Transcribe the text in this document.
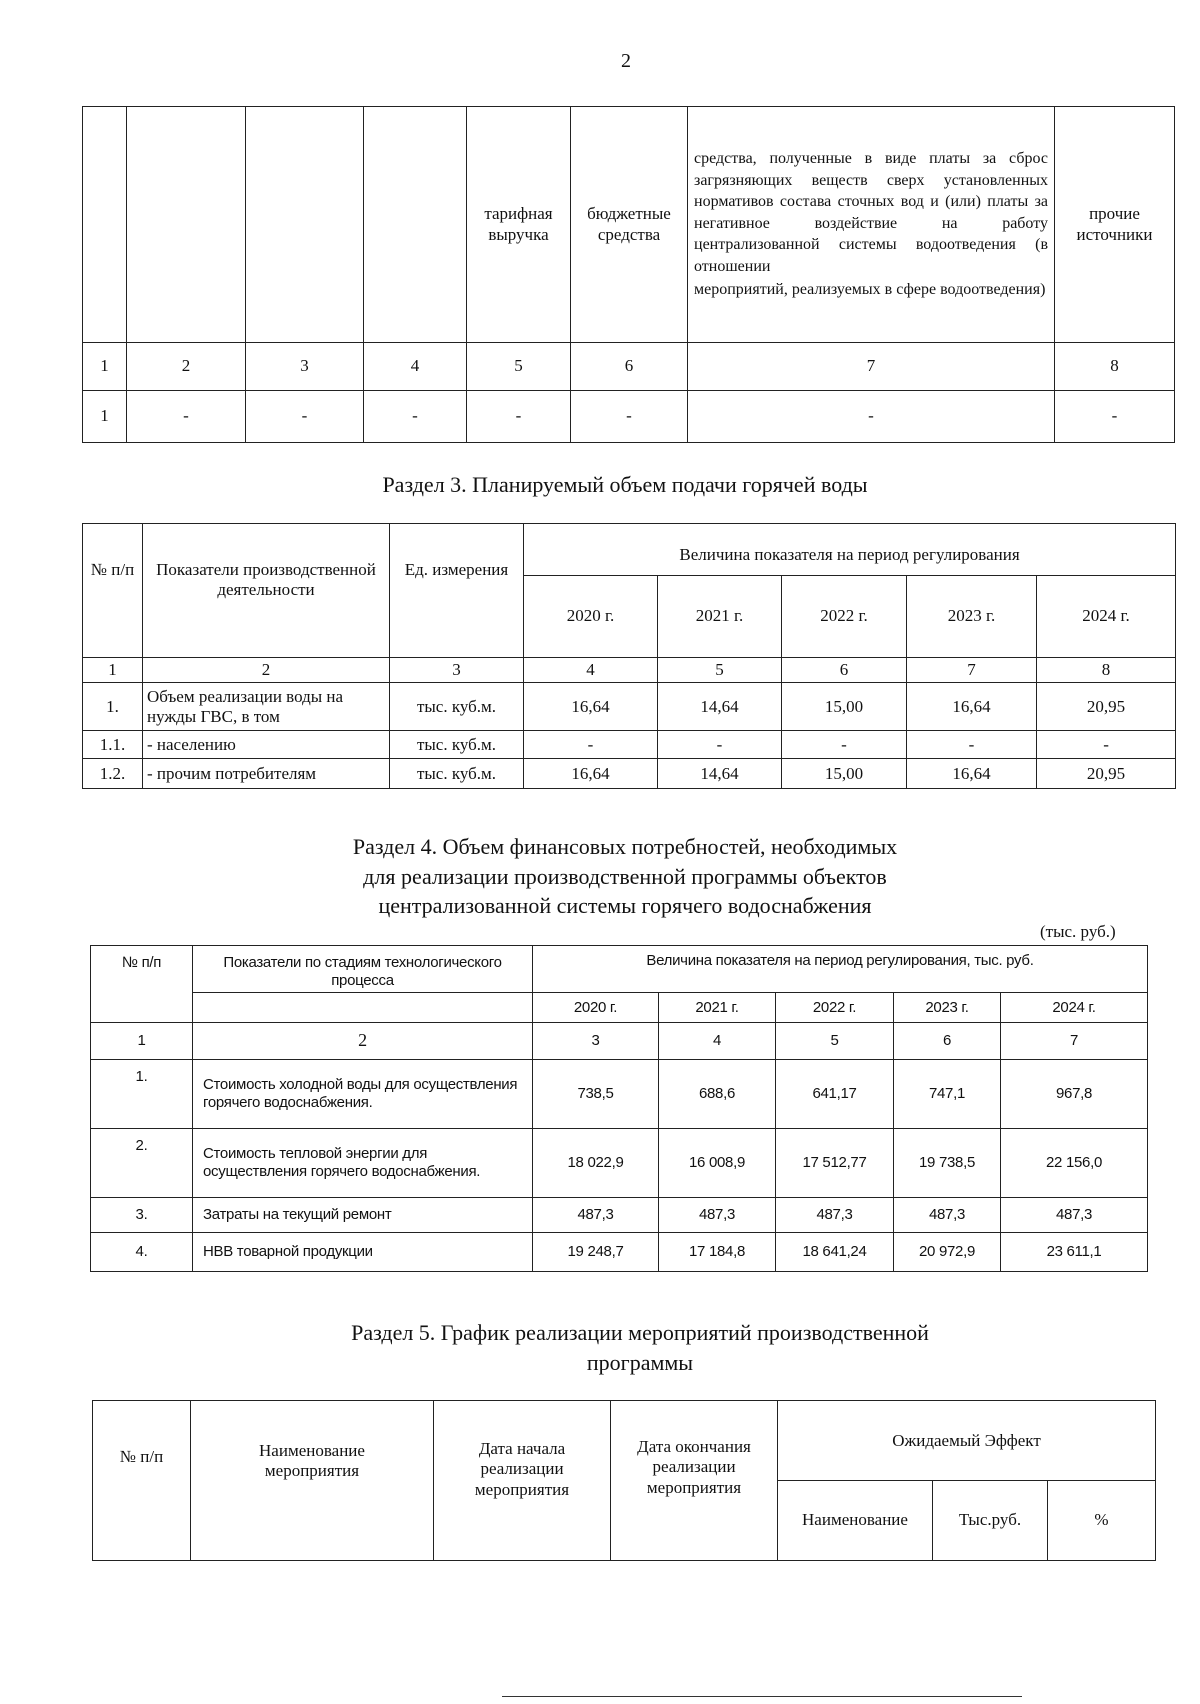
2
				тарифная выручка	бюджетные средства	средства, полученные в виде платы за сброс загрязняющих веществ сверх установленных нормативов состава сточных вод и (или) платы за негативное воздействие на работу централизованной системы водоотведения (в отношении
мероприятий, реализуемых в сфере водоотведения)	прочие источники
1	2	3	4	5	6	7	8
1	-	-	-	-	-	-	-
Раздел 3. Планируемый объем подачи горячей воды
№ п/п	Показатели производственной деятельности	Ед. измерения	Величина показателя на период регулирования				
			2020 г.	2021 г.	2022 г.	2023 г.	2024 г.
1	2	3	4	5	6	7	8
1.	Объем реализации воды на нужды ГВС, в том	тыс. куб.м.	16,64	14,64	15,00	16,64	20,95
1.1.	- населению	тыс. куб.м.	-	-	-	-	-
1.2.	- прочим потребителям	тыс. куб.м.	16,64	14,64	15,00	16,64	20,95
Раздел 4. Объем финансовых потребностей, необходимых
для реализации производственной программы объектов
централизованной системы горячего водоснабжения
(тыс. руб.)
№ п/п	Показатели по стадиям технологического процесса	Величина показателя на период регулирования, тыс. руб.				
		2020 г.	2021 г.	2022 г.	2023 г.	2024 г.
1	2	3	4	5	6	7
1.	Стоимость холодной воды для осуществления горячего водоснабжения.	738,5	688,6	641,17	747,1	967,8
2.	Стоимость тепловой энергии для осуществления горячего водоснабжения.	18 022,9	16 008,9	17 512,77	19 738,5	22 156,0
3.	Затраты на текущий ремонт	487,3	487,3	487,3	487,3	487,3
4.	НВВ товарной продукции	19 248,7	17 184,8	18 641,24	20 972,9	23 611,1
Раздел 5. График реализации мероприятий производственной
программы
№ п/п	Наименование мероприятия	Дата начала реализации мероприятия	Дата окончания реализации мероприятия	Ожидаемый Эффект		
				Наименование	Тыс.руб.	%
